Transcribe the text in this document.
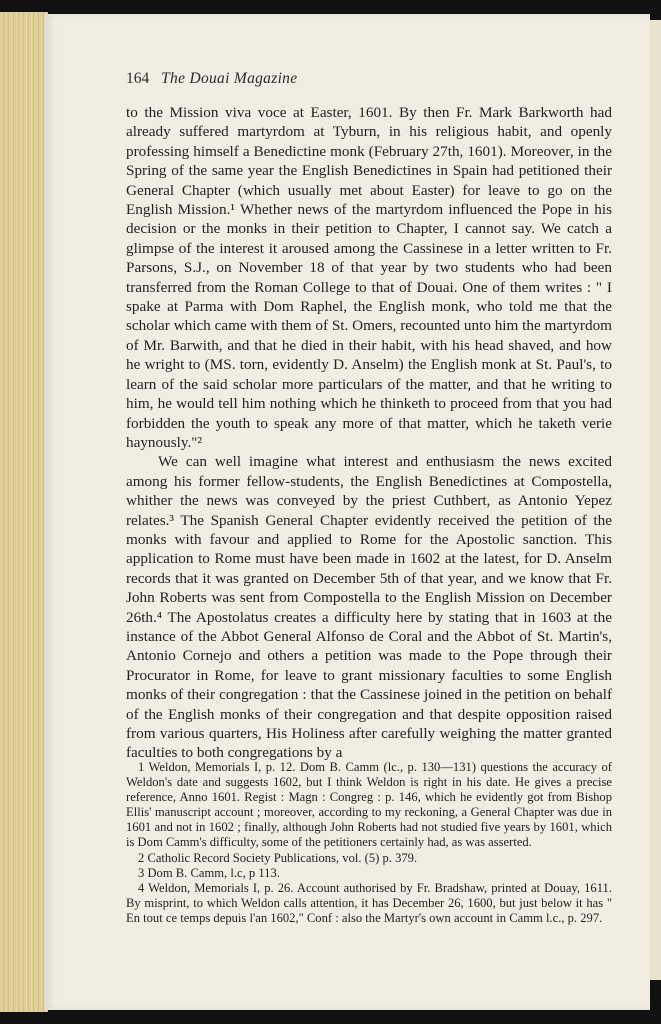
164 The Douai Magazine

to the Mission viva voce at Easter, 1601. By then Fr. Mark Barkworth had already suffered martyrdom at Tyburn, in his religious habit, and openly professing himself a Benedictine monk (February 27th, 1601). Moreover, in the Spring of the same year the English Benedictines in Spain had petitioned their General Chapter (which usually met about Easter) for leave to go on the English Mission.¹ Whether news of the martyrdom influenced the Pope in his decision or the monks in their petition to Chapter, I cannot say. We catch a glimpse of the interest it aroused among the Cassinese in a letter written to Fr. Parsons, S.J., on November 18 of that year by two students who had been transferred from the Roman College to that of Douai. One of them writes : " I spake at Parma with Dom Raphel, the English monk, who told me that the scholar which came with them of St. Omers, recounted unto him the martyrdom of Mr. Barwith, and that he died in their habit, with his head shaved, and how he wright to (MS. torn, evidently D. Anselm) the English monk at St. Paul's, to learn of the said scholar more particulars of the matter, and that he writing to him, he would tell him nothing which he thinketh to proceed from that you had forbidden the youth to speak any more of that matter, which he taketh verie haynously."²

We can well imagine what interest and enthusiasm the news excited among his former fellow-students, the English Benedictines at Compostella, whither the news was conveyed by the priest Cuthbert, as Antonio Yepez relates.³ The Spanish General Chapter evidently received the petition of the monks with favour and applied to Rome for the Apostolic sanction. This application to Rome must have been made in 1602 at the latest, for D. Anselm records that it was granted on December 5th of that year, and we know that Fr. John Roberts was sent from Compostella to the English Mission on December 26th.⁴ The Apostolatus creates a difficulty here by stating that in 1603 at the instance of the Abbot General Alfonso de Coral and the Abbot of St. Martin's, Antonio Cornejo and others a petition was made to the Pope through their Procurator in Rome, for leave to grant missionary faculties to some English monks of their congregation : that the Cassinese joined in the petition on behalf of the English monks of their congregation and that despite opposition raised from various quarters, His Holiness after carefully weighing the matter granted faculties to both congregations by a

1 Weldon, Memorials I, p. 12. Dom B. Camm (lc., p. 130—131) questions the accuracy of Weldon's date and suggests 1602, but I think Weldon is right in his date. He gives a precise reference, Anno 1601. Regist : Magn : Congreg : p. 146, which he evidently got from Bishop Ellis' manuscript account ; moreover, according to my reckoning, a General Chapter was due in 1601 and not in 1602 ; finally, although John Roberts had not studied five years by 1601, which is Dom Camm's difficulty, some of the petitioners certainly had, as was asserted.

2 Catholic Record Society Publications, vol. (5) p. 379.

3 Dom B. Camm, l.c, p 113.

4 Weldon, Memorials I, p. 26. Account authorised by Fr. Bradshaw, printed at Douay, 1611. By misprint, to which Weldon calls attention, it has December 26, 1600, but just below it has " En tout ce temps depuis l'an 1602," Conf : also the Martyr's own account in Camm l.c., p. 297.
